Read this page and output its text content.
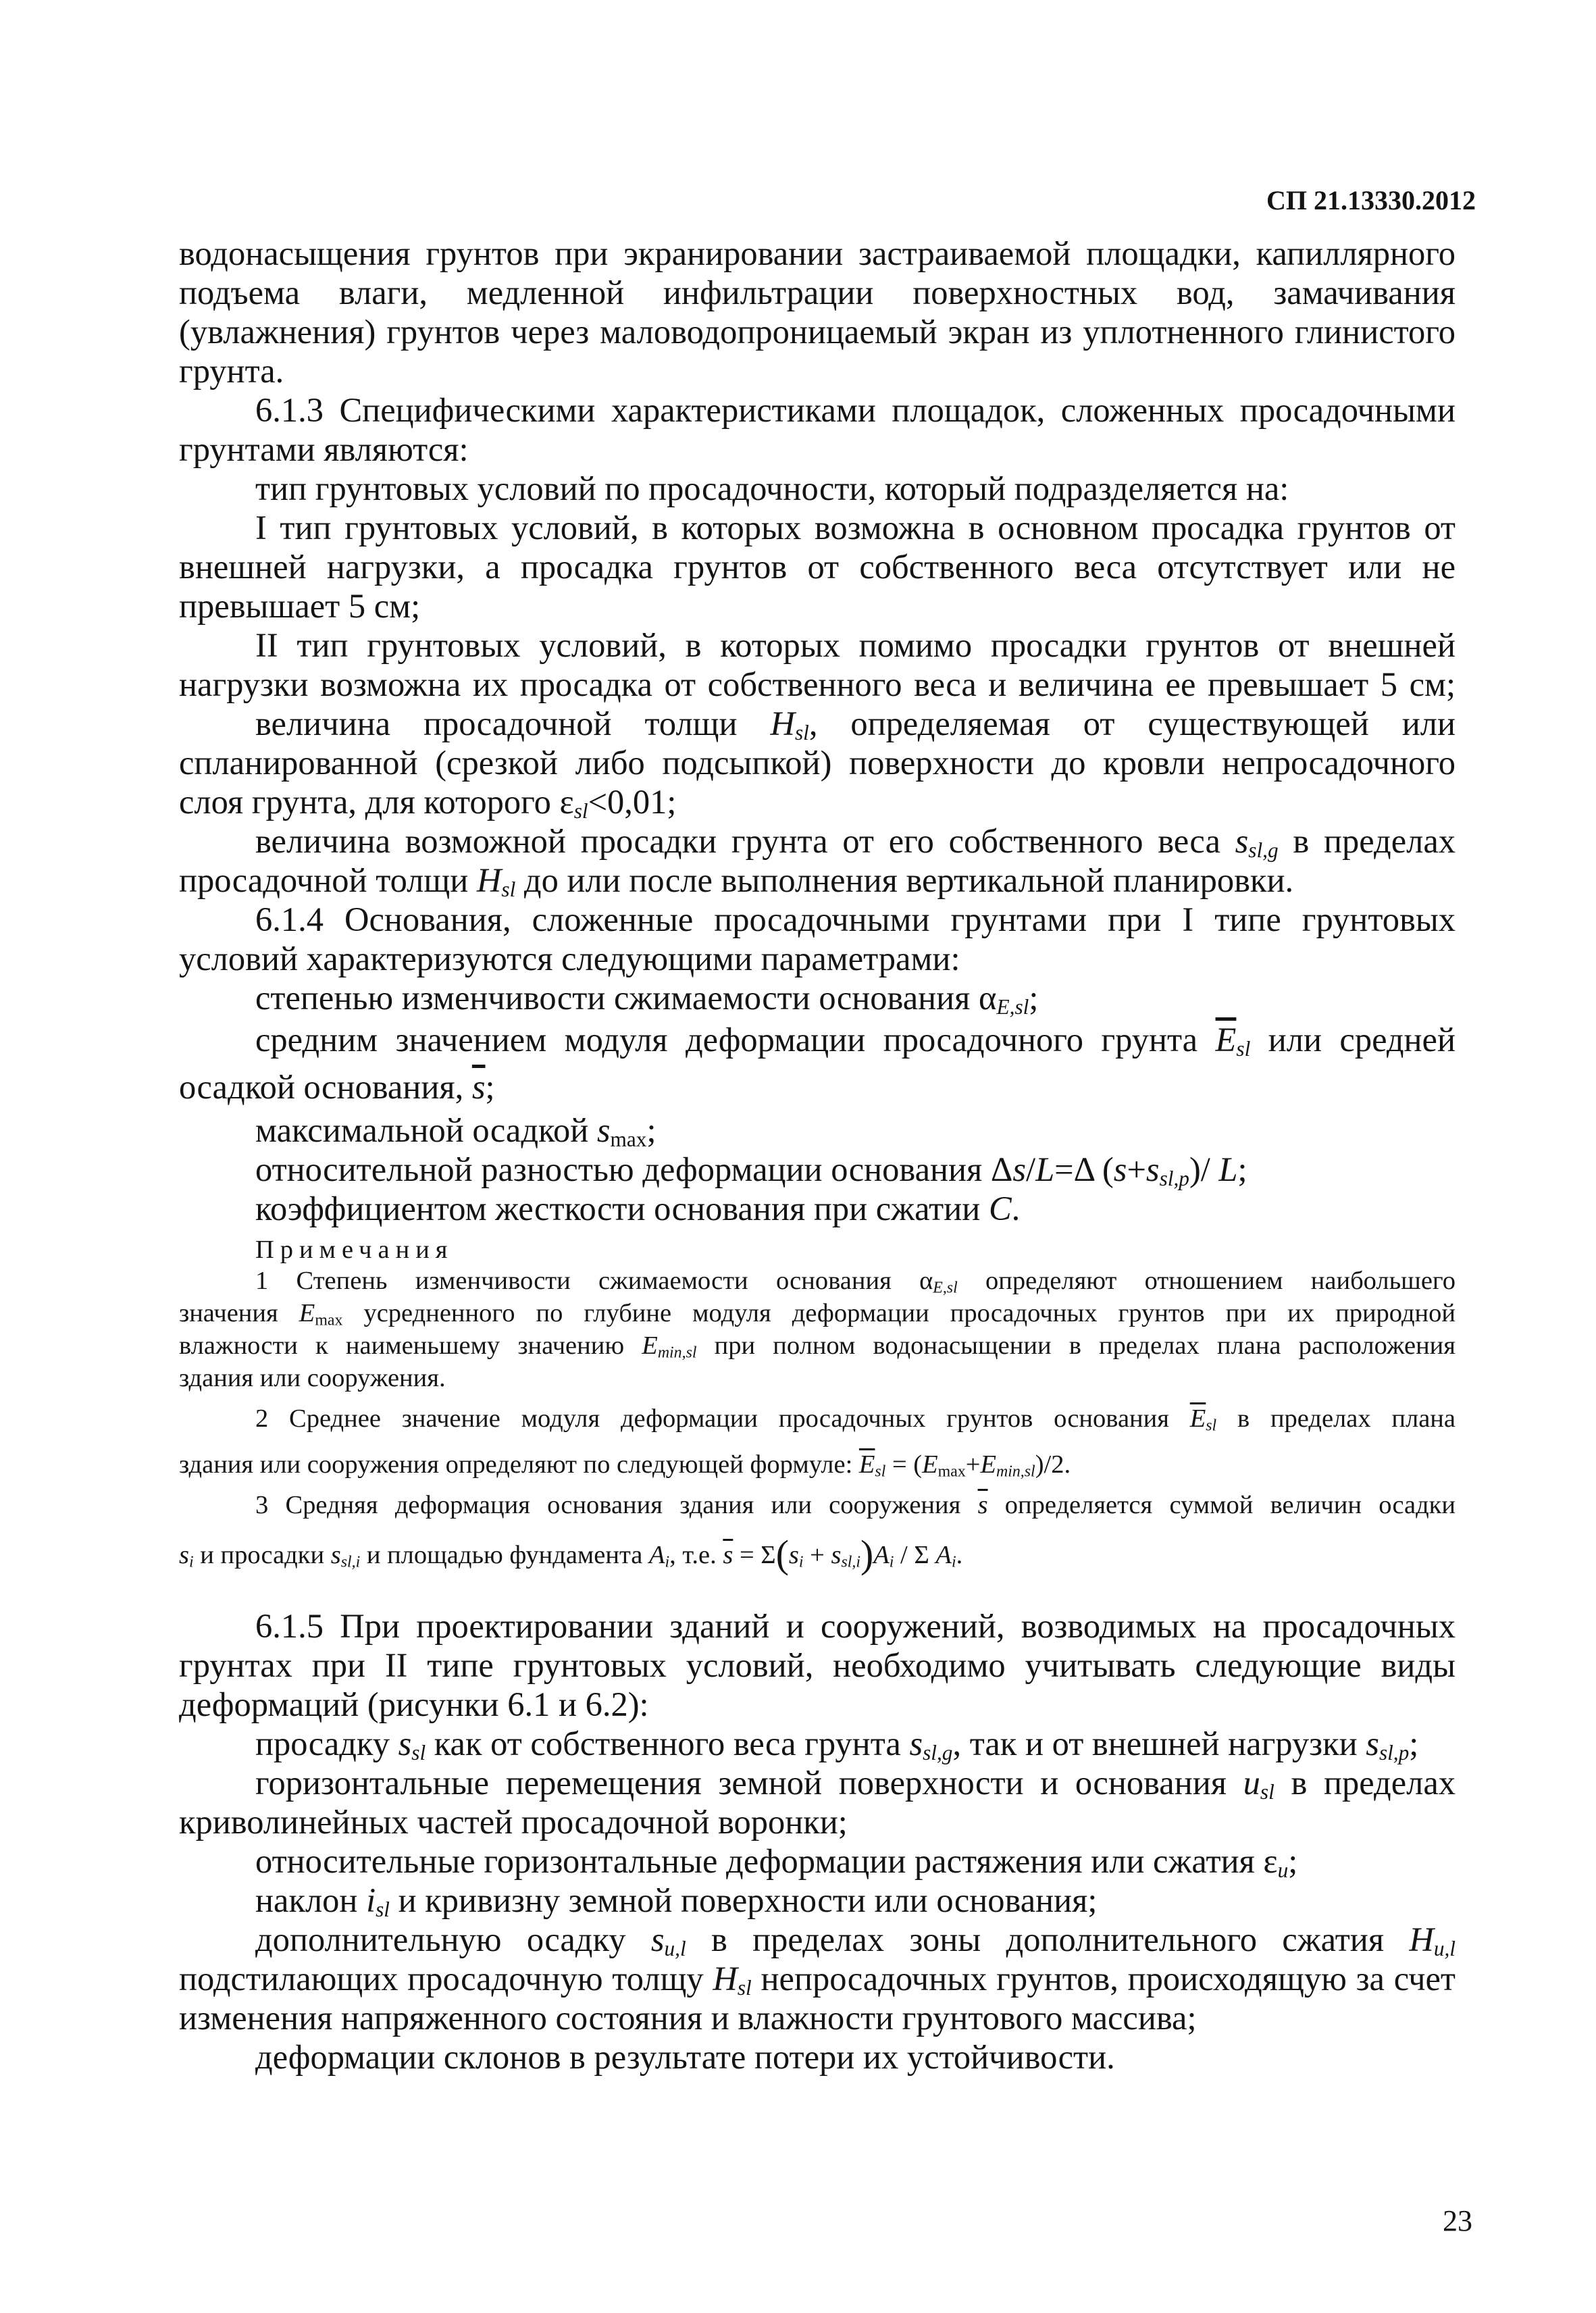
СП 21.13330.2012
водонасыщения грунтов при экранировании застраиваемой площадки, капиллярного
подъема влаги, медленной инфильтрации поверхностных вод, замачивания
(увлажнения) грунтов через маловодопроницаемый экран из уплотненного глинистого
грунта.
6.1.3 Специфическими характеристиками площадок, сложенных просадочными
грунтами являются:
тип грунтовых условий по просадочности, который подразделяется на:
I тип грунтовых условий, в которых возможна в основном просадка грунтов от
внешней нагрузки, а просадка грунтов от собственного веса отсутствует или не
превышает 5 см;
II тип грунтовых условий, в которых помимо просадки грунтов от внешней
нагрузки возможна их просадка от собственного веса и величина ее превышает 5 см;
величина просадочной толщи $H_{sl}$, определяемая от существующей или
спланированной (срезкой либо подсыпкой) поверхности до кровли непросадочного
слоя грунта, для которого $\varepsilon_{sl}<0,01$;
величина возможной просадки грунта от его собственного веса $s_{sl,g}$ в пределах
просадочной толщи $H_{sl}$ до или после выполнения вертикальной планировки.
6.1.4 Основания, сложенные просадочными грунтами при I типе грунтовых
условий характеризуются следующими параметрами:
степенью изменчивости сжимаемости основания $\alpha_{E,sl}$;
средним значением модуля деформации просадочного грунта $\overline{E}_{sl}$ или средней
осадкой основания, $\overline{s}$;
максимальной осадкой $s_{max}$;
относительной разностью деформации основания Δs/L=Δ $(s+s_{sl,p})/$ L;
коэффициентом жесткости основания при сжатии C.
Примечания
1 Степень изменчивости сжимаемости основания $\alpha_{E,sl}$ определяют отношением наибольшего
значения $E_{max}$ усредненного по глубине модуля деформации просадочных грунтов при их природной
влажности к наименьшему значению $E_{min,sl}$ при полном водонасыщении в пределах плана расположения
здания или сооружения.
2 Среднее значение модуля деформации просадочных грунтов основания $\overline{E}_{sl}$ в пределах плана
здания или сооружения определяют по следующей формуле: $\overline{E}_{sl} = (E_{max}+E_{min,sl})/2$.
3 Средняя деформация основания здания или сооружения $\overline{s}$ определяется суммой величин осадки
$s_i$ и просадки $s_{sl,i}$ и площадью фундамента $A_i$, т.е. $\overline{s} = \Sigma(s_i + s_{sl,i})A_i / \Sigma$ $A_i$.
6.1.5 При проектировании зданий и сооружений, возводимых на просадочных
грунтах при II типе грунтовых условий, необходимо учитывать следующие виды
деформаций (рисунки 6.1 и 6.2):
просадку $s_{sl}$ как от собственного веса грунта $s_{sl,g}$, так и от внешней нагрузки $s_{sl,p}$;
горизонтальные перемещения земной поверхности и основания $u_{sl}$ в пределах
криволинейных частей просадочной воронки;
относительные горизонтальные деформации растяжения или сжатия $\varepsilon_u$;
наклон $i_{sl}$ и кривизну земной поверхности или основания;
дополнительную осадку $s_{u,l}$ в пределах зоны дополнительного сжатия $H_{u,l}$
подстилающих просадочную толщу $H_{sl}$ непросадочных грунтов, происходящую за счет
изменения напряженного состояния и влажности грунтового массива;
деформации склонов в результате потери их устойчивости.
23
